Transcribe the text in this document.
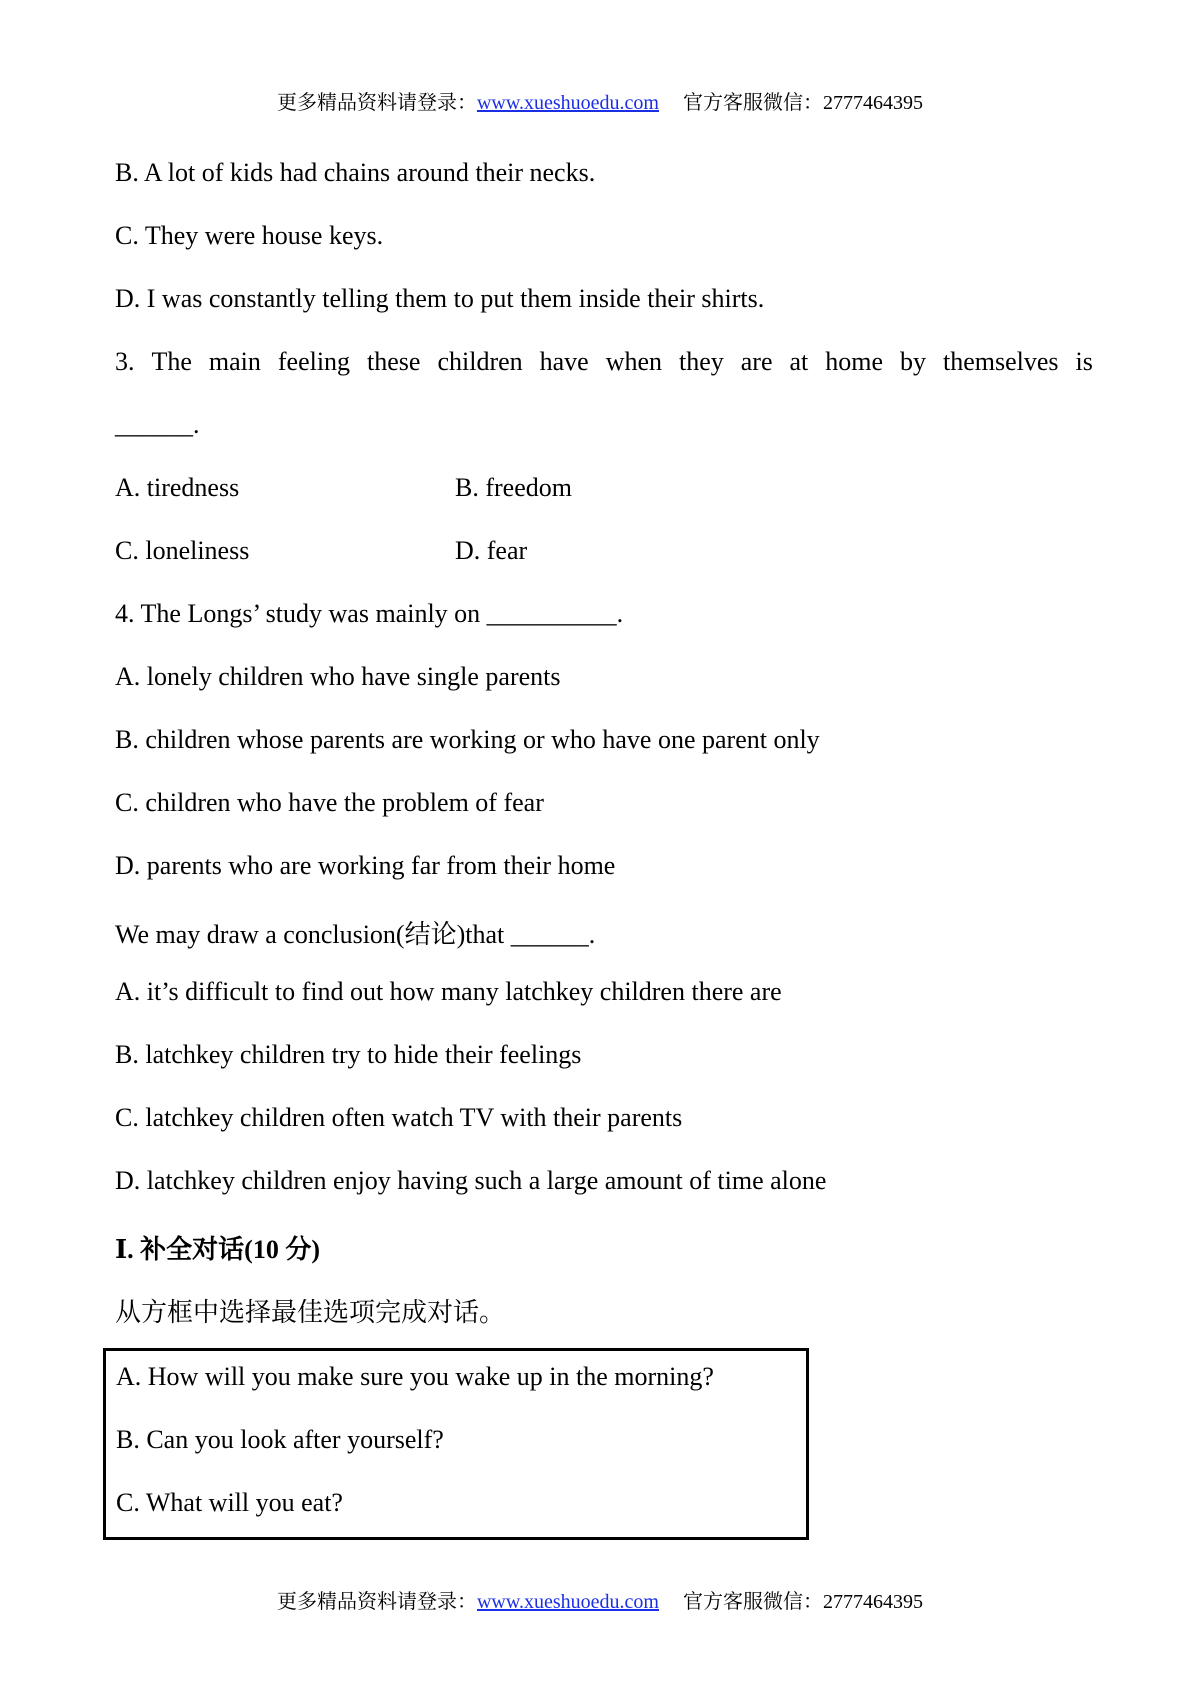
更多精品资料请登录：www.xueshuoedu.com 官方客服微信：2777464395
B. A lot of kids had chains around their necks.
C. They were house keys.
D. I was constantly telling them to put them inside their shirts.
3. The main feeling these children have when they are at home by themselves is
______.
A. tiredness	B. freedom
C. loneliness	D. fear
4. The Longs’ study was mainly on __________.
A. lonely children who have single parents
B. children whose parents are working or who have one parent only
C. children who have the problem of fear
D. parents who are working far from their home
We may draw a conclusion(结论)that ______.
A. it’s difficult to find out how many latchkey children there are
B. latchkey children try to hide their feelings
C. latchkey children often watch TV with their parents
D. latchkey children enjoy having such a large amount of time alone
Ⅰ. 补全对话(10 分)
从方框中选择最佳选项完成对话。
A. How will you make sure you wake up in the morning?
B. Can you look after yourself?
C. What will you eat?
更多精品资料请登录：www.xueshuoedu.com 官方客服微信：2777464395
